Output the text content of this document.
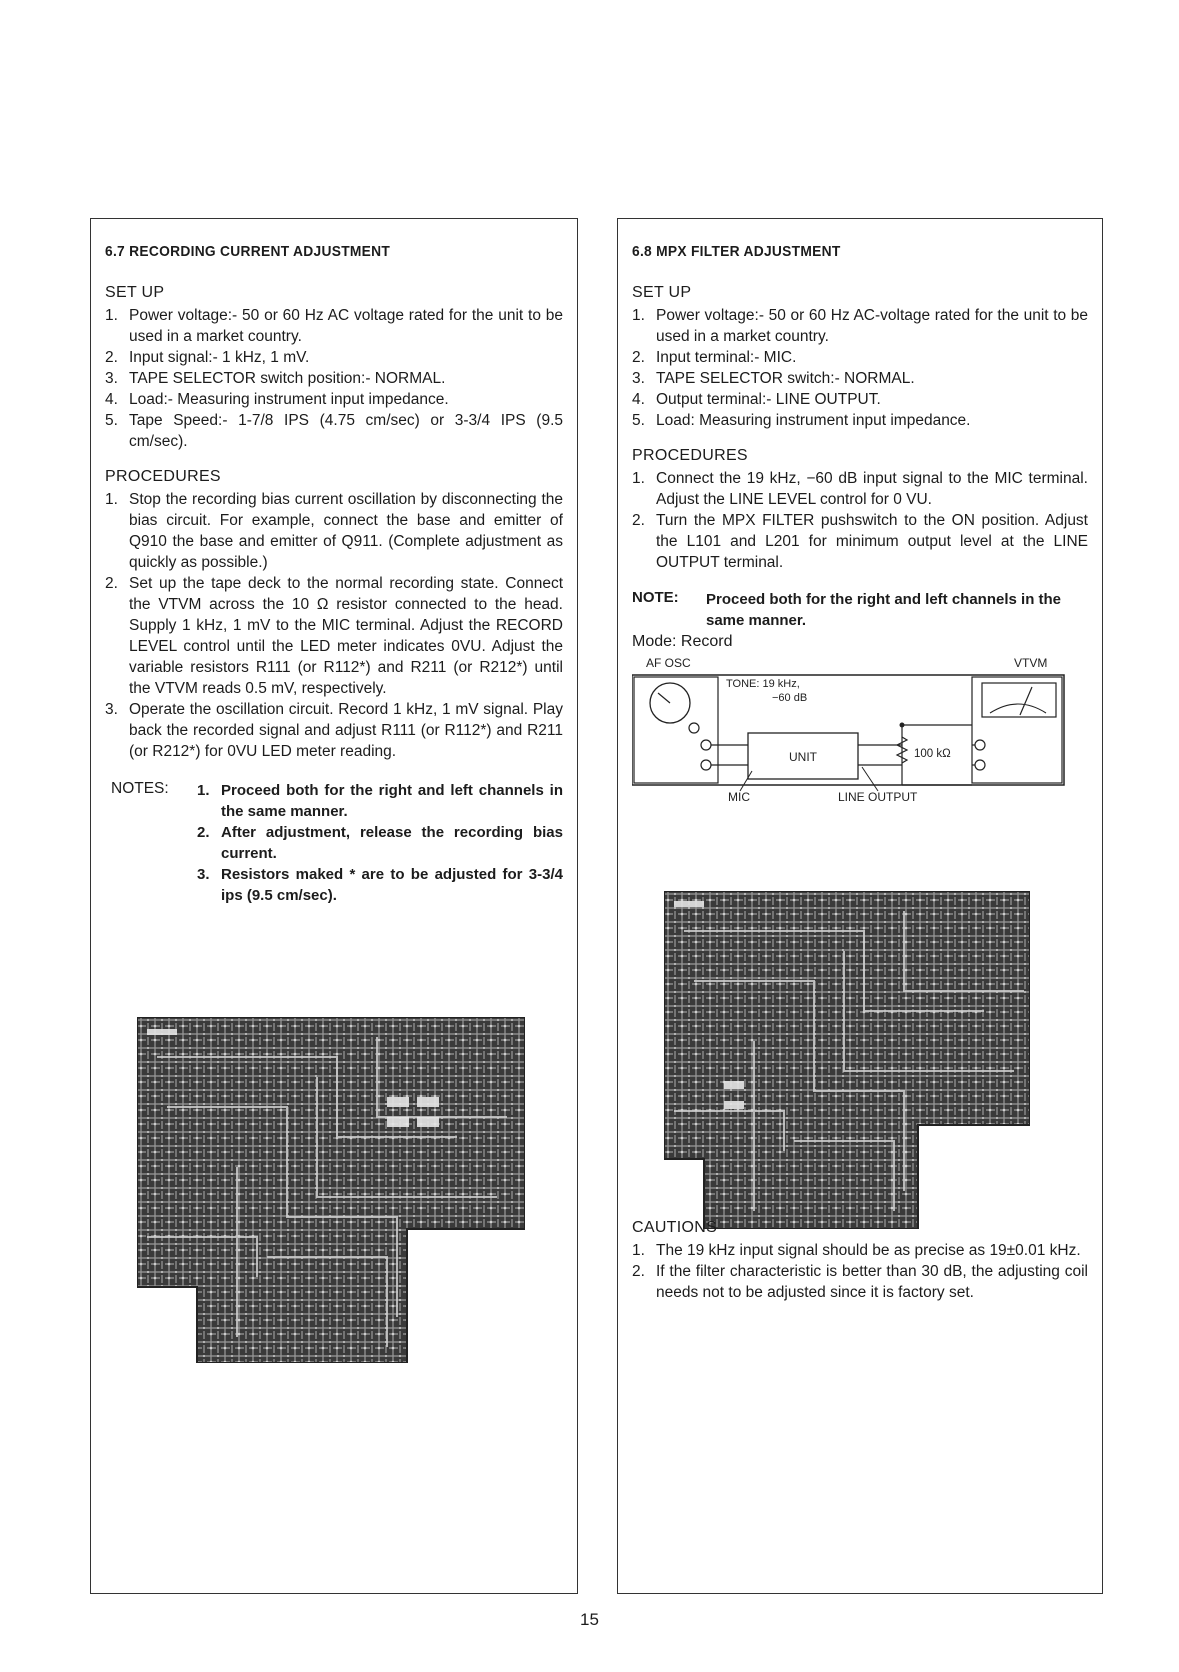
6.7 RECORDING CURRENT ADJUSTMENT
SET UP
1. Power voltage:- 50 or 60 Hz AC voltage rated for the unit to be used in a market country.
2. Input signal:- 1 kHz, 1 mV.
3. TAPE SELECTOR switch position:- NORMAL.
4. Load:- Measuring instrument input impedance.
5. Tape Speed:- 1-7/8 IPS (4.75 cm/sec) or 3-3/4 IPS (9.5 cm/sec).
PROCEDURES
1. Stop the recording bias current oscillation by disconnecting the bias circuit. For example, connect the base and emitter of Q910 the base and emitter of Q911. (Complete adjustment as quickly as possible.)
2. Set up the tape deck to the normal recording state. Connect the VTVM across the 10 Ω resistor connected to the head. Supply 1 kHz, 1 mV to the MIC terminal. Adjust the RECORD LEVEL control until the LED meter indicates 0VU. Adjust the variable resistors R111 (or R112*) and R211 (or R212*) until the VTVM reads 0.5 mV, respectively.
3. Operate the oscillation circuit. Record 1 kHz, 1 mV signal. Play back the recorded signal and adjust R111 (or R112*) and R211 (or R212*) for 0VU LED meter reading.
NOTES: 1. Proceed both for the right and left channels in the same manner.
2. After adjustment, release the recording bias current.
3. Resistors maked * are to be adjusted for 3-3/4 ips (9.5 cm/sec).
6.8 MPX FILTER ADJUSTMENT
SET UP
1. Power voltage:- 50 or 60 Hz AC-voltage rated for the unit to be used in a market country.
2. Input terminal:- MIC.
3. TAPE SELECTOR switch:- NORMAL.
4. Output terminal:- LINE OUTPUT.
5. Load: Measuring instrument input impedance.
PROCEDURES
1. Connect the 19 kHz, −60 dB input signal to the MIC terminal. Adjust the LINE LEVEL control for 0 VU.
2. Turn the MPX FILTER pushswitch to the ON position. Adjust the L101 and L201 for minimum output level at the LINE OUTPUT terminal.
NOTE:	Proceed both for the right and left channels in the same manner.
Mode: Record
AF OSC	VTVM
TONE: 19 kHz,
−60 dB
UNIT	100 kΩ
MIC	LINE OUTPUT
CAUTIONS
1. The 19 kHz input signal should be as precise as 19±0.01 kHz.
2. If the filter characteristic is better than 30 dB, the adjusting coil needs not to be adjusted since it is factory set.
15
